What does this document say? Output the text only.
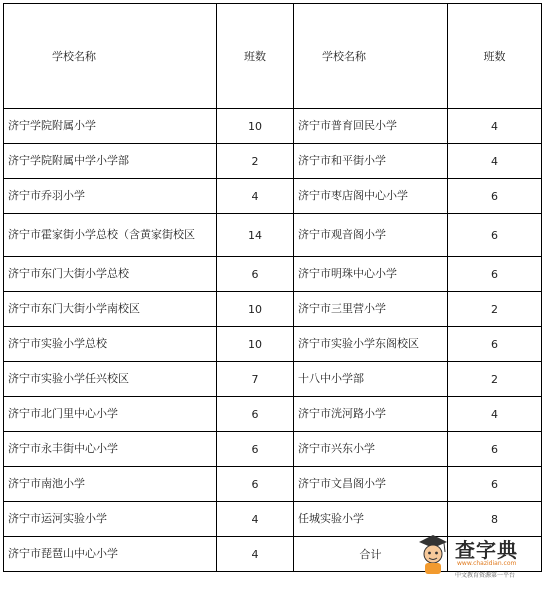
学校名称	班数	学校名称	班数
济宁学院附属小学	10	济宁市普育回民小学	4
济宁学院附属中学小学部	2	济宁市和平街小学	4
济宁市乔羽小学	4	济宁市枣店阁中心小学	6
济宁市霍家街小学总校（含黄家街校区	14	济宁市观音阁小学	6
济宁市东门大街小学总校	6	济宁市明珠中心小学	6
济宁市东门大街小学南校区	10	济宁市三里营小学	2
济宁市实验小学总校	10	济宁市实验小学东阁校区	6
济宁市实验小学任兴校区	7	十八中小学部	2
济宁市北门里中心小学	6	济宁市洸河路小学	4
济宁市永丰街中心小学	6	济宁市兴东小学	6
济宁市南池小学	6	济宁市文昌阁小学	6
济宁市运河实验小学	4	任城实验小学	8
济宁市琵琶山中心小学	4	合计		查字典
www.chazidian.com
中文教育资源第一平台
